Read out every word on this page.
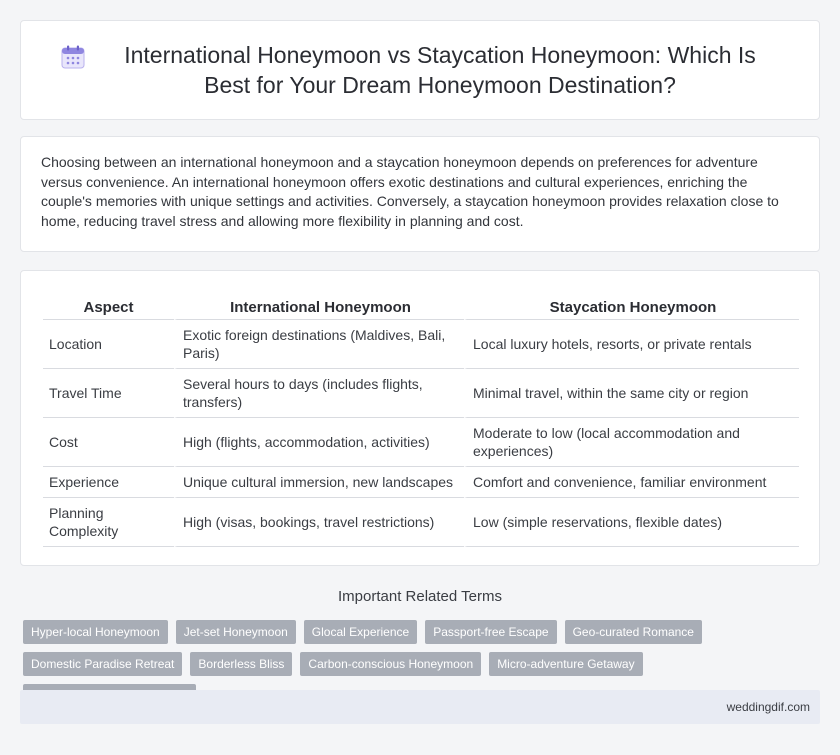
International Honeymoon vs Staycation Honeymoon: Which Is Best for Your Dream Honeymoon Destination?

Choosing between an international honeymoon and a staycation honeymoon depends on preferences for adventure versus convenience. An international honeymoon offers exotic destinations and cultural experiences, enriching the couple's memories with unique settings and activities. Conversely, a staycation honeymoon provides relaxation close to home, reducing travel stress and allowing more flexibility in planning and cost.

Aspect	International Honeymoon	Staycation Honeymoon
Location	Exotic foreign destinations (Maldives, Bali, Paris)	Local luxury hotels, resorts, or private rentals
Travel Time	Several hours to days (includes flights, transfers)	Minimal travel, within the same city or region
Cost	High (flights, accommodation, activities)	Moderate to low (local accommodation and experiences)
Experience	Unique cultural immersion, new landscapes	Comfort and convenience, familiar environment
Planning Complexity	High (visas, bookings, travel restrictions)	Low (simple reservations, flexible dates)
Important Related Terms
Hyper-local Honeymoon	Jet-set Honeymoon	Glocal Experience	Passport-free Escape	Geo-curated Romance
Domestic Paradise Retreat	Borderless Bliss	Carbon-conscious Honeymoon	Micro-adventure Getaway
weddingdif.com
